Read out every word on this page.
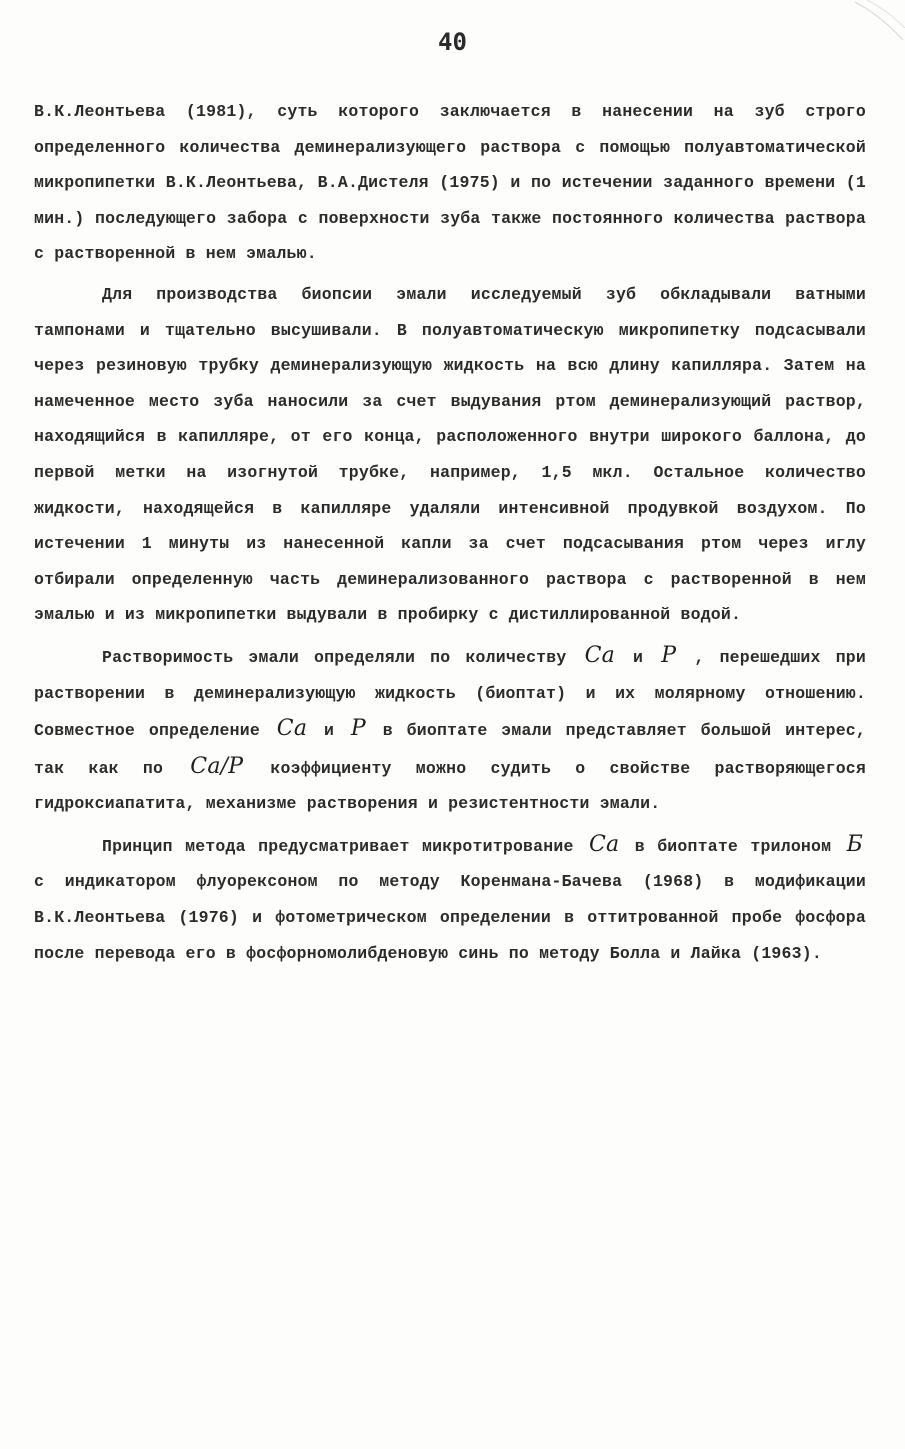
40

В.К.Леонтьева (1981), суть которого заключается в нанесении на зуб строго определенного количества деминерализующего раствора с помощью полуавтоматической микропипетки В.К.Леонтьева, В.А.Дистеля (1975) и по истечении заданного времени (1 мин.) последующего забора с поверхности зуба также постоянного количества раствора с растворенной в нем эмалью.

Для производства биопсии эмали исследуемый зуб обкладывали ватными тампонами и тщательно высушивали. В полуавтоматическую микропипетку подсасывали через резиновую трубку деминерализующую жидкость на всю длину капилляра. Затем на намеченное место зуба наносили за счет выдувания ртом деминерализующий раствор, находящийся в капилляре, от его конца, расположенного внутри широкого баллона, до первой метки на изогнутой трубке, например, 1,5 мкл. Остальное количество жидкости, находящейся в капилляре удаляли интенсивной продувкой воздухом. По истечении 1 минуты из нанесенной капли за счет подсасывания ртом через иглу отбирали определенную часть деминерализованного раствора с растворенной в нем эмалью и из микропипетки выдували в пробирку с дистиллированной водой.

Растворимость эмали определяли по количеству Ca и P , перешедших при растворении в деминерализующую жидкость (биоптат) и их молярному отношению. Совместное определение Ca и P в биоптате эмали представляет большой интерес, так как по Ca/P коэффициенту можно судить о свойстве растворяющегося гидроксиапатита, механизме растворения и резистентности эмали.

Принцип метода предусматривает микротитрование Ca в биоптате трилоном Б с индикатором флуорексоном по методу Коренмана-Бачева (1968) в модификации В.К.Леонтьева (1976) и фотометрическом определении в оттитрованной пробе фосфора после перевода его в фосфорномолибденовую синь по методу Болла и Лайка (1963).
